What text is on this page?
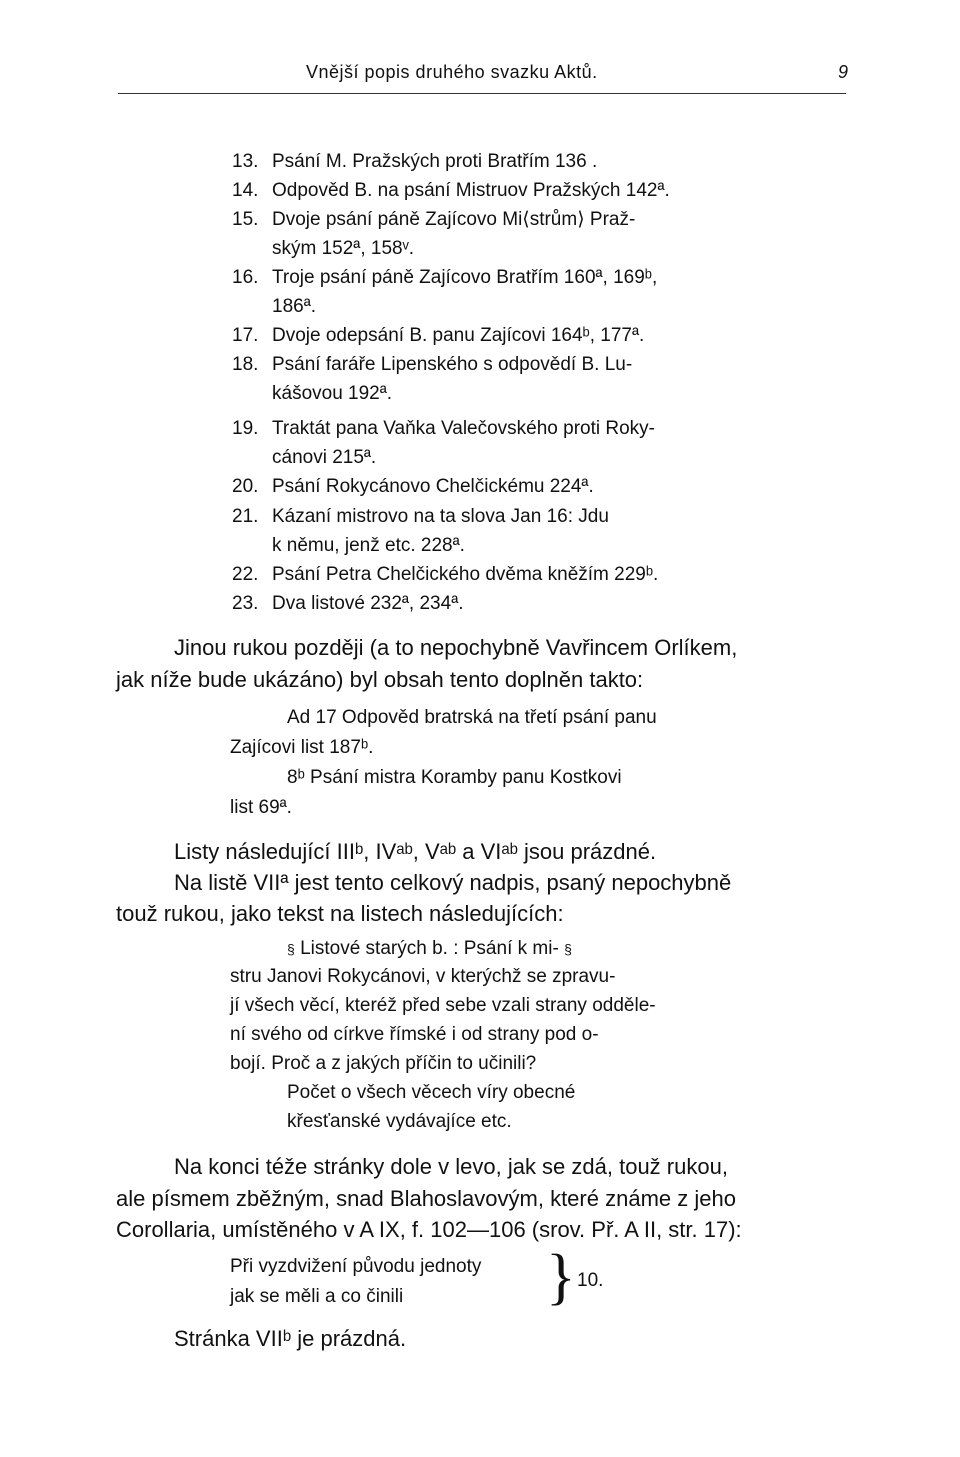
Vnější popis druhého svazku Aktů.	9
13. Psání M. Pražských proti Bratřím 136 .
14. Odpověd B. na psání Mistruov Pražských 142ª.
15. Dvoje psání páně Zajícovo Mi⟨strům⟩ Praž-
ským 152ª, 158ᵛ.
16. Troje psání páně Zajícovo Bratřím 160ª, 169ᵇ,
186ª.
17. Dvoje odepsání B. panu Zajícovi 164ᵇ, 177ª.
18. Psání faráře Lipenského s odpovědí B. Lu-
kášovou 192ª.
19. Traktát pana Vaňka Valečovského proti Roky-
cánovi 215ª.
20. Psání Rokycánovo Chelčickému 224ª.
21. Kázaní mistrovo na ta slova Jan 16: Jdu
k němu, jenž etc. 228ª.
22. Psání Petra Chelčického dvěma kněžím 229ᵇ.
23. Dva listové 232ª, 234ª.
Jinou rukou později (a to nepochybně Vavřincem Orlíkem,
jak níže bude ukázáno) byl obsah tento doplněn takto:
Ad 17 Odpověd bratrská na třetí psání panu
Zajícovi list 187ᵇ.
8ᵇ Psání mistra Koramby panu Kostkovi
list 69ª.
Listy následující IIIᵇ, IVᵃᵇ, Vᵃᵇ a VIᵃᵇ jsou prázdné.
Na listě VIIª jest tento celkový nadpis, psaný nepochybně
touž rukou, jako tekst na listech následujících:
§ Listové starých b. : Psání k mi- §
stru Janovi Rokycánovi, v kterýchž se zpravu-
jí všech věcí, kteréž před sebe vzali strany odděle-
ní svého od církve římské i od strany pod o-
bojí. Proč a z jakých příčin to učinili?
Počet o všech věcech víry obecné
křesťanské vydávajíce etc.
Na konci téže stránky dole v levo, jak se zdá, touž rukou,
ale písmem zběžným, snad Blahoslavovým, které známe z jeho
Corollaria, umístěného v A IX, f. 102—106 (srov. Př. A II, str. 17):
Při vyzdvižení původu jednoty
jak se měli a co činili } 10.
Stránka VIIᵇ je prázdná.
